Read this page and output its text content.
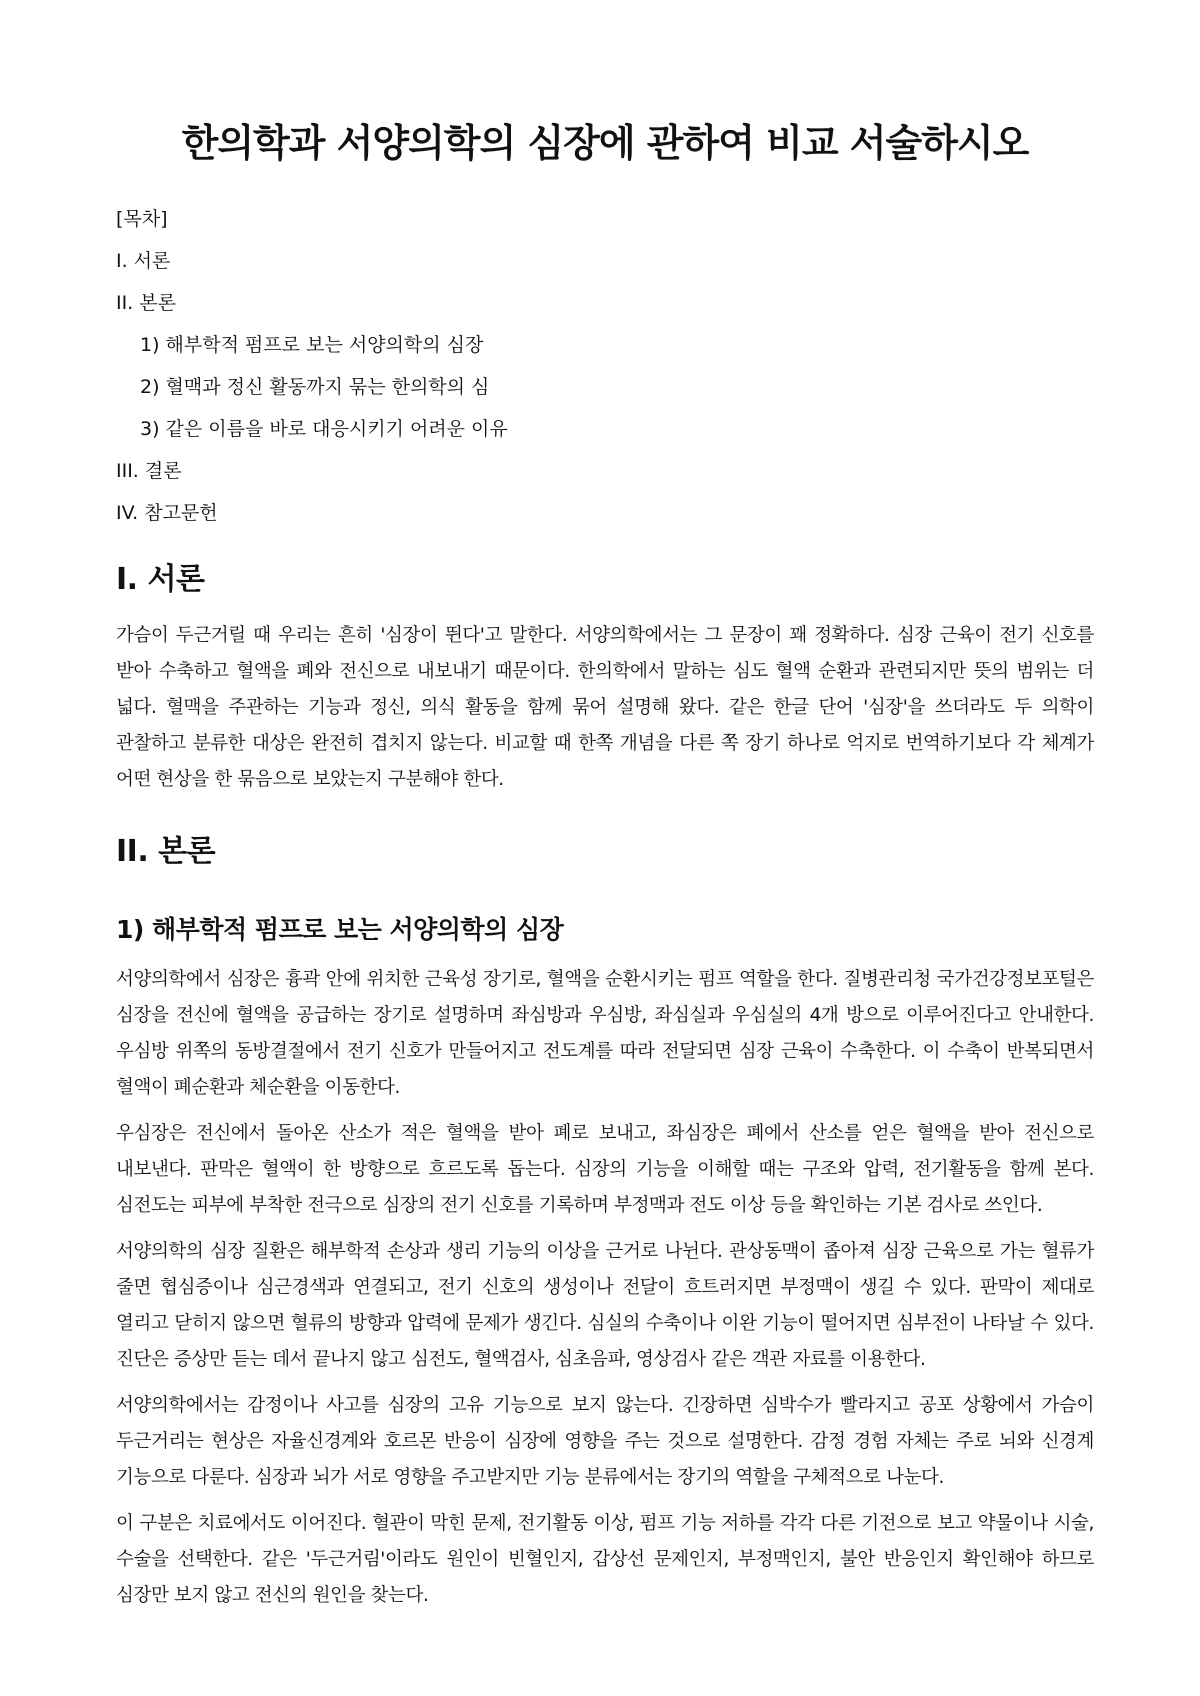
한의학과 서양의학의 심장에 관하여 비교 서술하시오
[목차]
I. 서론
II. 본론
1) 해부학적 펌프로 보는 서양의학의 심장
2) 혈맥과 정신 활동까지 묶는 한의학의 심
3) 같은 이름을 바로 대응시키기 어려운 이유
III. 결론
IV. 참고문헌
I. 서론

가슴이 두근거릴 때 우리는 흔히 '심장이 뛴다'고 말한다. 서양의학에서는 그 문장이 꽤 정확하다. 심장 근육이 전기 신호를 받아 수축하고 혈액을 폐와 전신으로 내보내기 때문이다. 한의학에서 말하는 심도 혈액 순환과 관련되지만 뜻의 범위는 더 넓다. 혈맥을 주관하는 기능과 정신, 의식 활동을 함께 묶어 설명해 왔다. 같은 한글 단어 '심장'을 쓰더라도 두 의학이 관찰하고 분류한 대상은 완전히 겹치지 않는다. 비교할 때 한쪽 개념을 다른 쪽 장기 하나로 억지로 번역하기보다 각 체계가 어떤 현상을 한 묶음으로 보았는지 구분해야 한다.

II. 본론
1) 해부학적 펌프로 보는 서양의학의 심장

서양의학에서 심장은 흉곽 안에 위치한 근육성 장기로, 혈액을 순환시키는 펌프 역할을 한다. 질병관리청 국가건강정보포털은 심장을 전신에 혈액을 공급하는 장기로 설명하며 좌심방과 우심방, 좌심실과 우심실의 4개 방으로 이루어진다고 안내한다. 우심방 위쪽의 동방결절에서 전기 신호가 만들어지고 전도계를 따라 전달되면 심장 근육이 수축한다. 이 수축이 반복되면서 혈액이 폐순환과 체순환을 이동한다.

우심장은 전신에서 돌아온 산소가 적은 혈액을 받아 폐로 보내고, 좌심장은 폐에서 산소를 얻은 혈액을 받아 전신으로 내보낸다. 판막은 혈액이 한 방향으로 흐르도록 돕는다. 심장의 기능을 이해할 때는 구조와 압력, 전기활동을 함께 본다. 심전도는 피부에 부착한 전극으로 심장의 전기 신호를 기록하며 부정맥과 전도 이상 등을 확인하는 기본 검사로 쓰인다.

서양의학의 심장 질환은 해부학적 손상과 생리 기능의 이상을 근거로 나뉜다. 관상동맥이 좁아져 심장 근육으로 가는 혈류가 줄면 협심증이나 심근경색과 연결되고, 전기 신호의 생성이나 전달이 흐트러지면 부정맥이 생길 수 있다. 판막이 제대로 열리고 닫히지 않으면 혈류의 방향과 압력에 문제가 생긴다. 심실의 수축이나 이완 기능이 떨어지면 심부전이 나타날 수 있다. 진단은 증상만 듣는 데서 끝나지 않고 심전도, 혈액검사, 심초음파, 영상검사 같은 객관 자료를 이용한다.

서양의학에서는 감정이나 사고를 심장의 고유 기능으로 보지 않는다. 긴장하면 심박수가 빨라지고 공포 상황에서 가슴이 두근거리는 현상은 자율신경계와 호르몬 반응이 심장에 영향을 주는 것으로 설명한다. 감정 경험 자체는 주로 뇌와 신경계 기능으로 다룬다. 심장과 뇌가 서로 영향을 주고받지만 기능 분류에서는 장기의 역할을 구체적으로 나눈다.

이 구분은 치료에서도 이어진다. 혈관이 막힌 문제, 전기활동 이상, 펌프 기능 저하를 각각 다른 기전으로 보고 약물이나 시술, 수술을 선택한다. 같은 '두근거림'이라도 원인이 빈혈인지, 갑상선 문제인지, 부정맥인지, 불안 반응인지 확인해야 하므로 심장만 보지 않고 전신의 원인을 찾는다.
